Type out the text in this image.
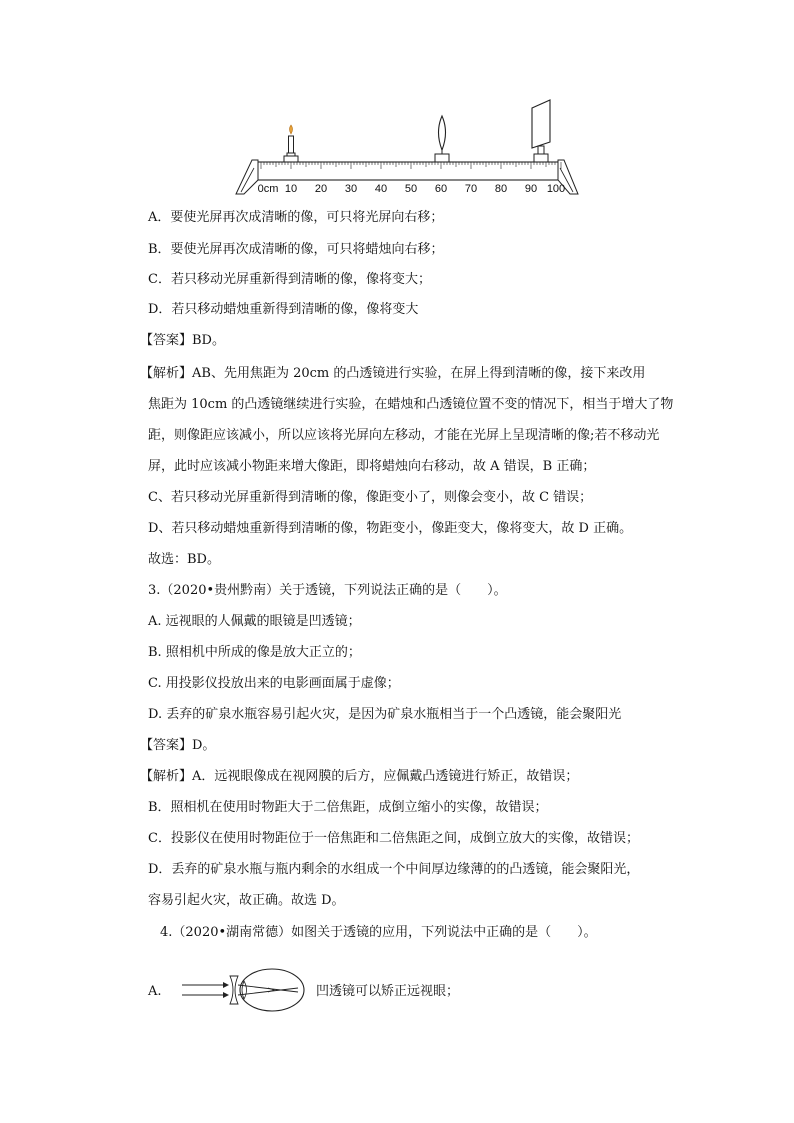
0cm 10 20 30 40 50 60 70 80 90 100
A．要使光屏再次成清晰的像，可只将光屏向右移；
B．要使光屏再次成清晰的像，可只将蜡烛向右移；
C．若只移动光屏重新得到清晰的像，像将变大；
D．若只移动蜡烛重新得到清晰的像，像将变大
【答案】BD。
【解析】AB、先用焦距为 20cm 的凸透镜进行实验，在屏上得到清晰的像，接下来改用
焦距为 10cm 的凸透镜继续进行实验，在蜡烛和凸透镜位置不变的情况下，相当于增大了物
距，则像距应该减小，所以应该将光屏向左移动，才能在光屏上呈现清晰的像;若不移动光
屏，此时应该减小物距来增大像距，即将蜡烛向右移动，故 A 错误，B 正确；
C、若只移动光屏重新得到清晰的像，像距变小了，则像会变小，故 C 错误；
D、若只移动蜡烛重新得到清晰的像，物距变小，像距变大，像将变大，故 D 正确。
故选：BD。
3.（2020•贵州黔南）关于透镜，下列说法正确的是（　　）。
A. 远视眼的人佩戴的眼镜是凹透镜；
B. 照相机中所成的像是放大正立的；
C. 用投影仪投放出来的电影画面属于虚像；
D. 丢弃的矿泉水瓶容易引起火灾，是因为矿泉水瓶相当于一个凸透镜，能会聚阳光
【答案】D。
【解析】A．远视眼像成在视网膜的后方，应佩戴凸透镜进行矫正，故错误；
B．照相机在使用时物距大于二倍焦距，成倒立缩小的实像，故错误；
C．投影仪在使用时物距位于一倍焦距和二倍焦距之间，成倒立放大的实像，故错误；
D．丢弃的矿泉水瓶与瓶内剩余的水组成一个中间厚边缘薄的的凸透镜，能会聚阳光，
容易引起火灾，故正确。故选 D。
4.（2020•湖南常德）如图关于透镜的应用，下列说法中正确的是（　　）。
A.	凹透镜可以矫正远视眼；
